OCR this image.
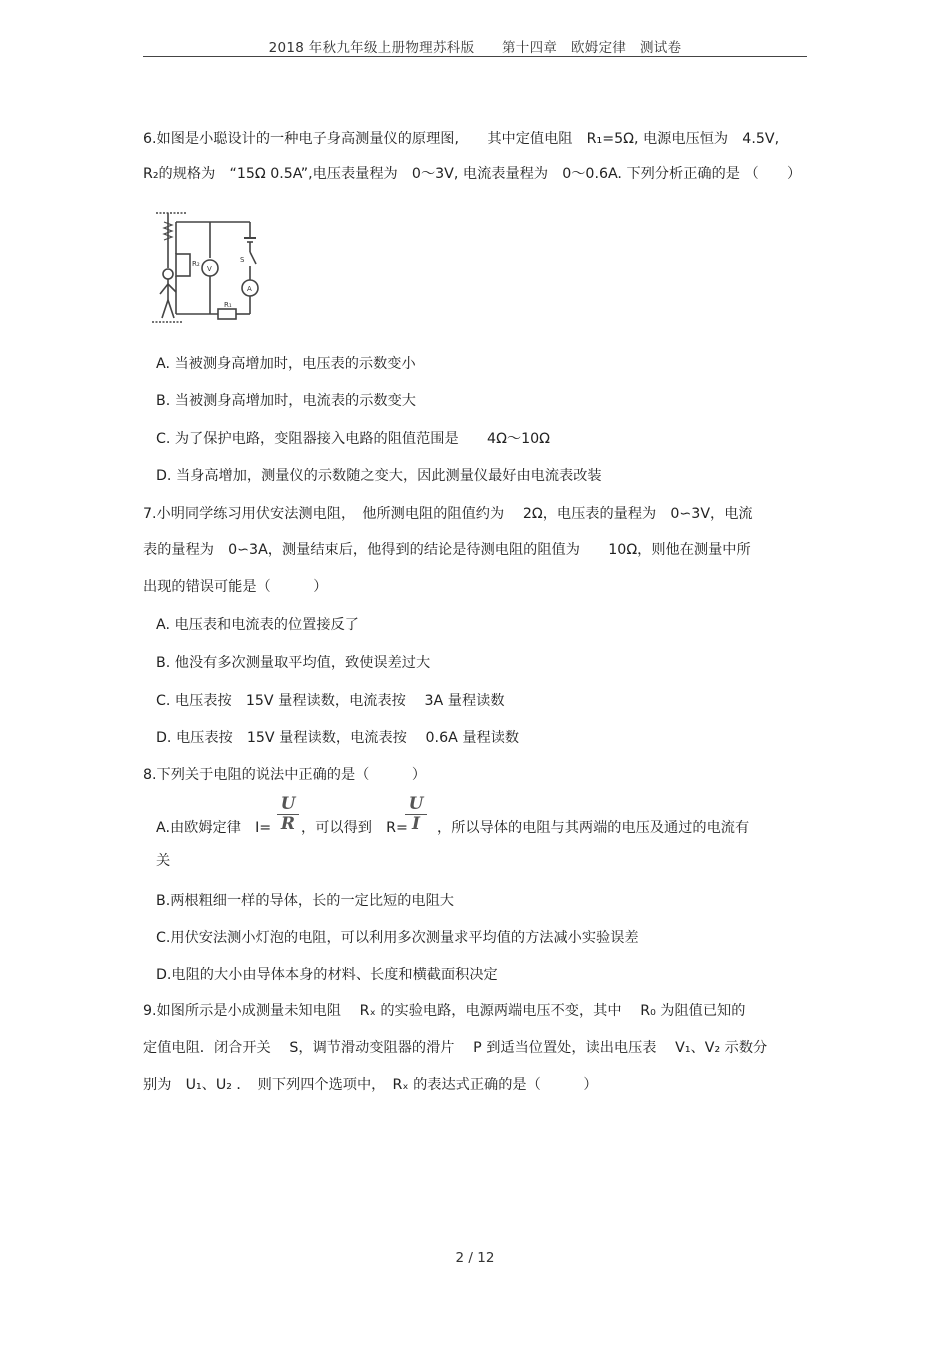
2018 年秋九年级上册物理苏科版　　第十四章　欧姆定律　测试卷
6.如图是小聪设计的一种电子身高测量仪的原理图,　　其中定值电阻　R₁=5Ω, 电源电压恒为　4.5V,
R₂的规格为　“15Ω 0.5A”,电压表量程为　0～3V, 电流表量程为　0～0.6A. 下列分析正确的是 （　　）
R₂
V
S
R₁
A
A. 当被测身高增加时，电压表的示数变小
B. 当被测身高增加时，电流表的示数变大
C. 为了保护电路，变阻器接入电路的阻值范围是　　4Ω～10Ω
D. 当身高增加，测量仪的示数随之变大，因此测量仪最好由电流表改装
7.小明同学练习用伏安法测电阻，　他所测电阻的阻值约为　 2Ω，电压表的量程为　0∽3V，电流
表的量程为　0∽3A，测量结束后，他得到的结论是待测电阻的阻值为　　10Ω，则他在测量中所
出现的错误可能是（　　　）
A. 电压表和电流表的位置接反了
B. 他没有多次测量取平均值，致使误差过大
C. 电压表按　15V 量程读数，电流表按　 3A 量程读数
D. 电压表按　15V 量程读数，电流表按　 0.6A 量程读数
8.下列关于电阻的说法中正确的是（　　　）
A.由欧姆定律　I=
U
R ，可以得到　R=
U
I	，所以导体的电阻与其两端的电压及通过的电流有
关
B.两根粗细一样的导体，长的一定比短的电阻大
C.用伏安法测小灯泡的电阻，可以利用多次测量求平均值的方法减小实验误差
D.电阻的大小由导体本身的材料、长度和横截面积决定
9.如图所示是小成测量未知电阻　 Rₓ 的实验电路，电源两端电压不变，其中　 R₀ 为阻值已知的
定值电阻．闭合开关　 S，调节滑动变阻器的滑片　 P 到适当位置处，读出电压表　 V₁、V₂ 示数分
别为　U₁、U₂ ．　则下列四个选项中，　Rₓ 的表达式正确的是（　　　）
2 / 12
